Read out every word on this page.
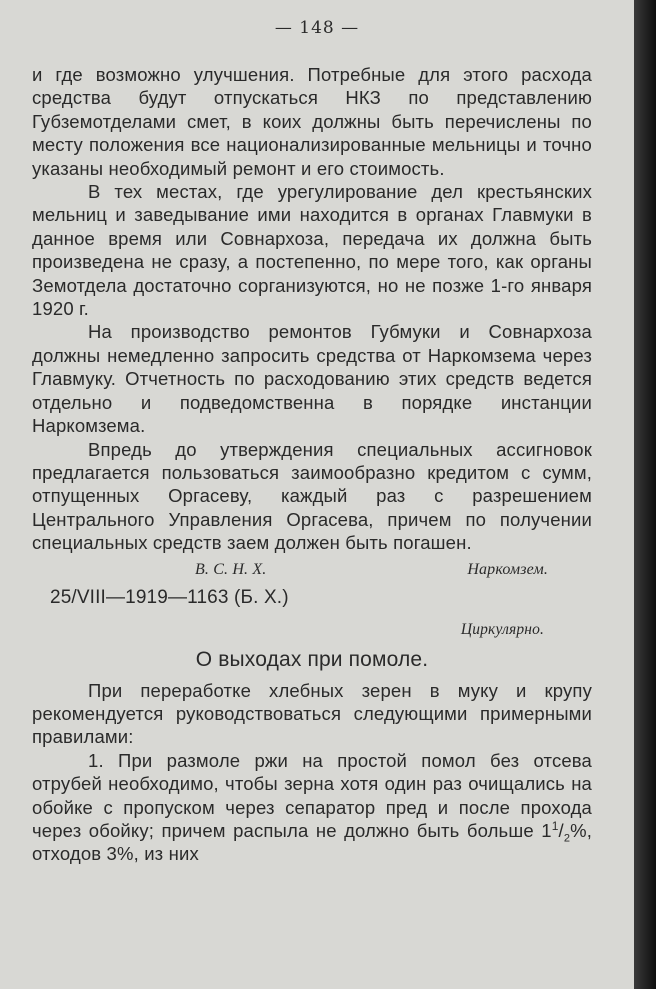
— 148 —

и где возможно улучшения. Потребные для этого расхода средства будут отпускаться НКЗ по представлению Губземотделами смет, в коих должны быть перечислены по месту положения все национализированные мельницы и точно указаны необходимый ремонт и его стоимость.

В тех местах, где урегулирование дел крестьянских мельниц и заведывание ими находится в органах Главмуки в данное время или Совнархоза, передача их должна быть произведена не сразу, а постепенно, по мере того, как органы Земотдела достаточно сорганизуются, но не позже 1-го января 1920 г.

На производство ремонтов Губмуки и Совнархоза должны немедленно запросить средства от Наркомзема через Главмуку. Отчетность по расходованию этих средств ведется отдельно и подведомственна в порядке инстанции Наркомзема.

Впредь до утверждения специальных ассигновок предлагается пользоваться заимообразно кредитом с сумм, отпущенных Оргасеву, каждый раз с разрешением Центрального Управления Оргасева, причем по получении специальных средств заем должен быть погашен.

В. С. Н. Х.	Наркомзем.
25/VIII—1919—1163 (Б. Х.)
Циркулярно.
О выходах при помоле.

При переработке хлебных зерен в муку и крупу рекомендуется руководствоваться следующими примерными правилами:

1. При размоле ржи на простой помол без отсева отрубей необходимо, чтобы зерна хотя один раз очищались на обойке с пропуском через сепаратор пред и после прохода через обойку; причем распыла не должно быть больше $1^1/_2\%$, отходов 3%, из них
